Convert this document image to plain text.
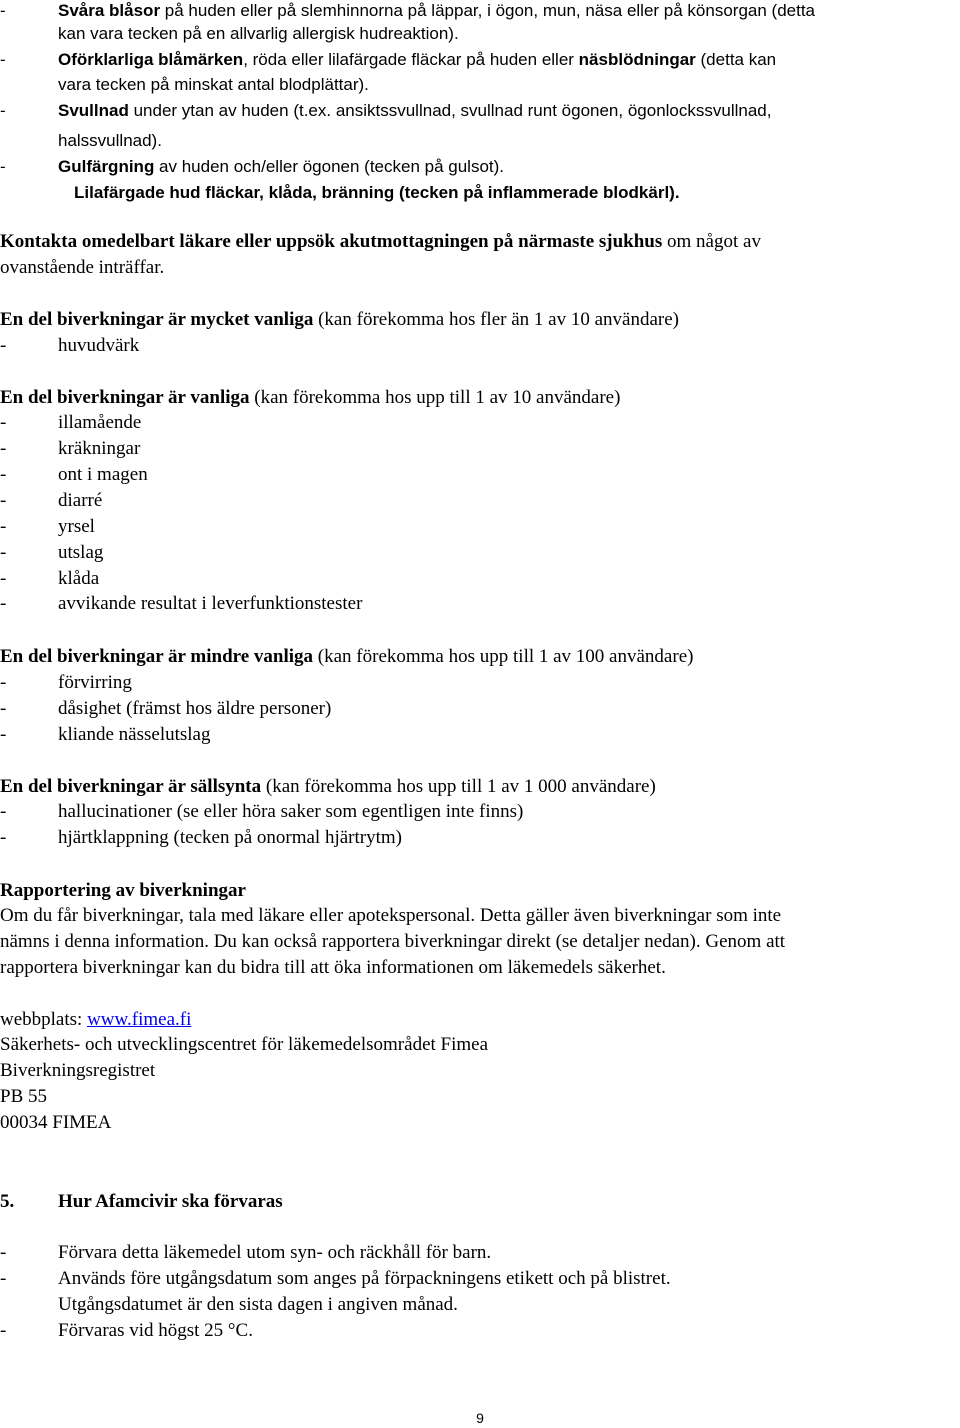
-	Svåra blåsor på huden eller på slemhinnorna på läppar, i ögon, mun, näsa eller på könsorgan (detta
kan vara tecken på en allvarlig allergisk hudreaktion).
-	Oförklarliga blåmärken, röda eller lilafärgade fläckar på huden eller näsblödningar (detta kan
vara tecken på minskat antal blodplättar).
-	Svullnad under ytan av huden (t.ex. ansiktssvullnad, svullnad runt ögonen, ögonlockssvullnad,
halssvullnad).
-	Gulfärgning av huden och/eller ögonen (tecken på gulsot).
Lilafärgade hud fläckar, klåda, bränning (tecken på inflammerade blodkärl).
Kontakta omedelbart läkare eller uppsök akutmottagningen på närmaste sjukhus om något av
ovanstående inträffar.
En del biverkningar är mycket vanliga (kan förekomma hos fler än 1 av 10 användare)
-	huvudvärk
En del biverkningar är vanliga (kan förekomma hos upp till 1 av 10 användare)
-	illamående
-	kräkningar
-	ont i magen
-	diarré
-	yrsel
-	utslag
-	klåda
-	avvikande resultat i leverfunktionstester
En del biverkningar är mindre vanliga (kan förekomma hos upp till 1 av 100 användare)
-	förvirring
-	dåsighet (främst hos äldre personer)
-	kliande nässelutslag
En del biverkningar är sällsynta (kan förekomma hos upp till 1 av 1 000 användare)
-	hallucinationer (se eller höra saker som egentligen inte finns)
-	hjärtklappning (tecken på onormal hjärtrytm)
Rapportering av biverkningar
Om du får biverkningar, tala med läkare eller apotekspersonal. Detta gäller även biverkningar som inte
nämns i denna information. Du kan också rapportera biverkningar direkt (se detaljer nedan). Genom att
rapportera biverkningar kan du bidra till att öka informationen om läkemedels säkerhet.
webbplats: www.fimea.fi
Säkerhets- och utvecklingscentret för läkemedelsområdet Fimea
Biverkningsregistret
PB 55
00034 FIMEA
5. Hur Afamcivir ska förvaras
-	Förvara detta läkemedel utom syn- och räckhåll för barn.
-	Används före utgångsdatum som anges på förpackningens etikett och på blistret.
Utgångsdatumet är den sista dagen i angiven månad.
-	Förvaras vid högst 25 °C.
9
